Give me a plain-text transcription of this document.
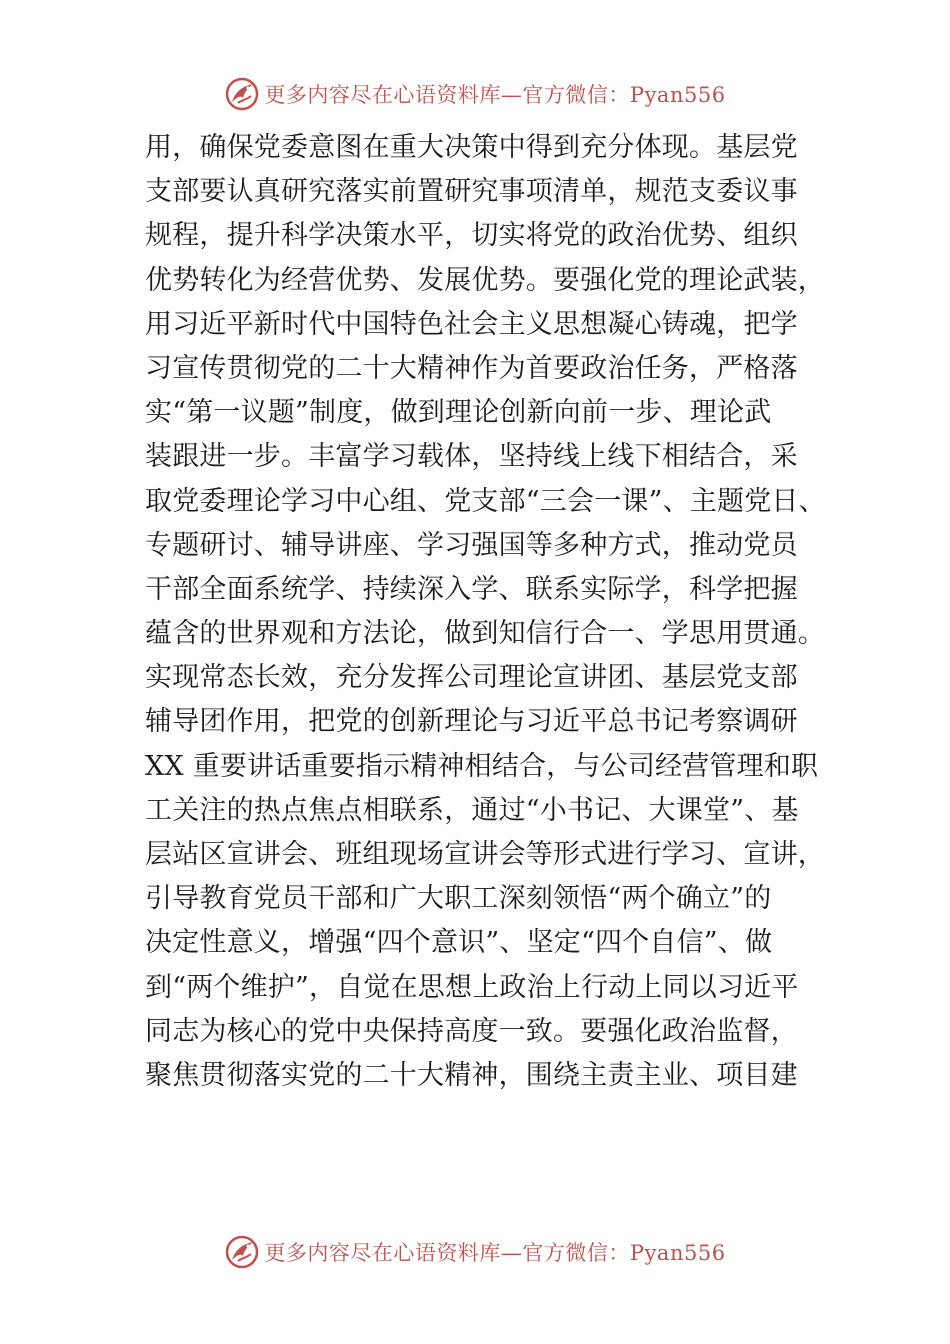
更多内容尽在心语资料库—官方微信：Pyan556
用，确保党委意图在重大决策中得到充分体现。基层党
支部要认真研究落实前置研究事项清单，规范支委议事
规程，提升科学决策水平，切实将党的政治优势、组织
优势转化为经营优势、发展优势。要强化党的理论武装，
用习近平新时代中国特色社会主义思想凝心铸魂，把学
习宣传贯彻党的二十大精神作为首要政治任务，严格落
实“第一议题”制度，做到理论创新向前一步、理论武
装跟进一步。丰富学习载体，坚持线上线下相结合，采
取党委理论学习中心组、党支部“三会一课”、主题党日、
专题研讨、辅导讲座、学习强国等多种方式，推动党员
干部全面系统学、持续深入学、联系实际学，科学把握
蕴含的世界观和方法论，做到知信行合一、学思用贯通。
实现常态长效，充分发挥公司理论宣讲团、基层党支部
辅导团作用，把党的创新理论与习近平总书记考察调研
XX 重要讲话重要指示精神相结合，与公司经营管理和职
工关注的热点焦点相联系，通过“小书记、大课堂”、基
层站区宣讲会、班组现场宣讲会等形式进行学习、宣讲，
引导教育党员干部和广大职工深刻领悟“两个确立”的
决定性意义，增强“四个意识”、坚定“四个自信”、做
到“两个维护”，自觉在思想上政治上行动上同以习近平
同志为核心的党中央保持高度一致。要强化政治监督，
聚焦贯彻落实党的二十大精神，围绕主责主业、项目建
更多内容尽在心语资料库—官方微信：Pyan556
